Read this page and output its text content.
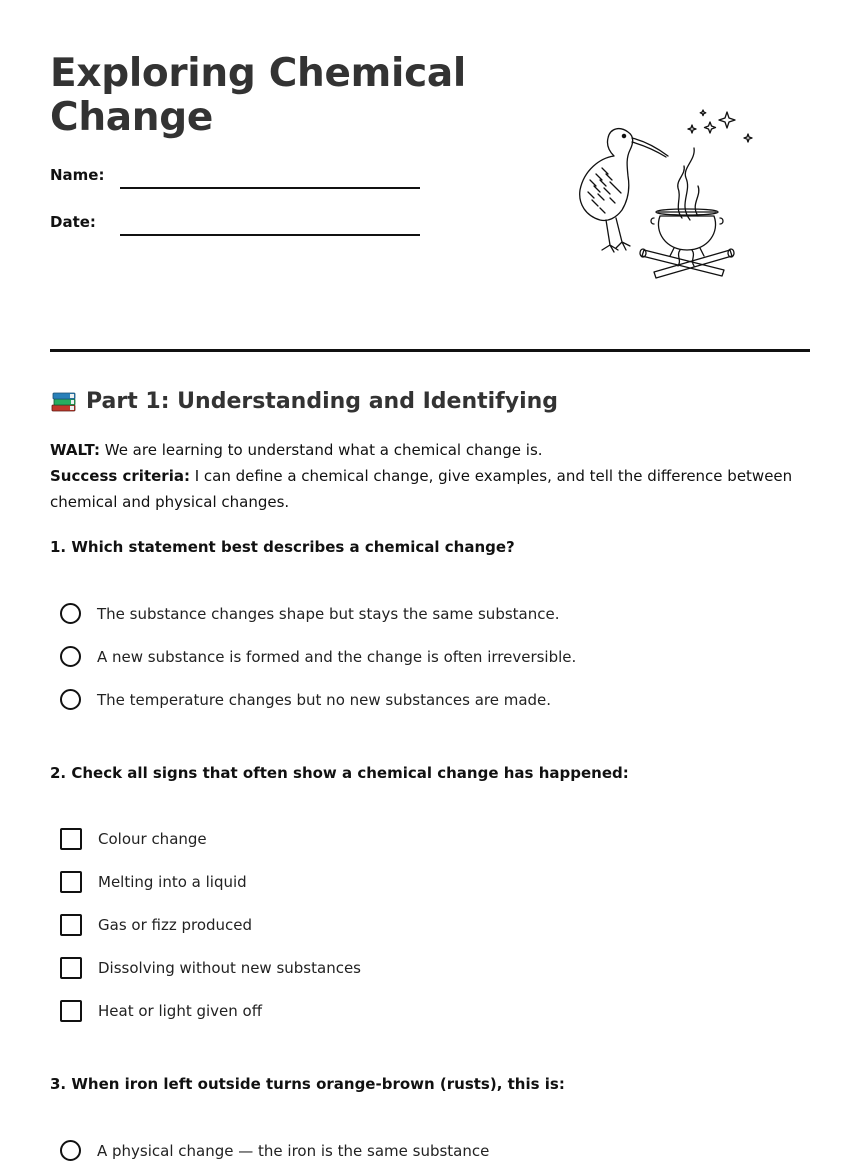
Exploring Chemical Change
Name:
Date:
Part 1: Understanding and Identifying
WALT: We are learning to understand what a chemical change is.
Success criteria: I can define a chemical change, give examples, and tell the difference between chemical and physical changes.
1. Which statement best describes a chemical change?
The substance changes shape but stays the same substance.
A new substance is formed and the change is often irreversible.
The temperature changes but no new substances are made.
2. Check all signs that often show a chemical change has happened:
Colour change
Melting into a liquid
Gas or fizz produced
Dissolving without new substances
Heat or light given off
3. When iron left outside turns orange-brown (rusts), this is:
A physical change — the iron is the same substance
